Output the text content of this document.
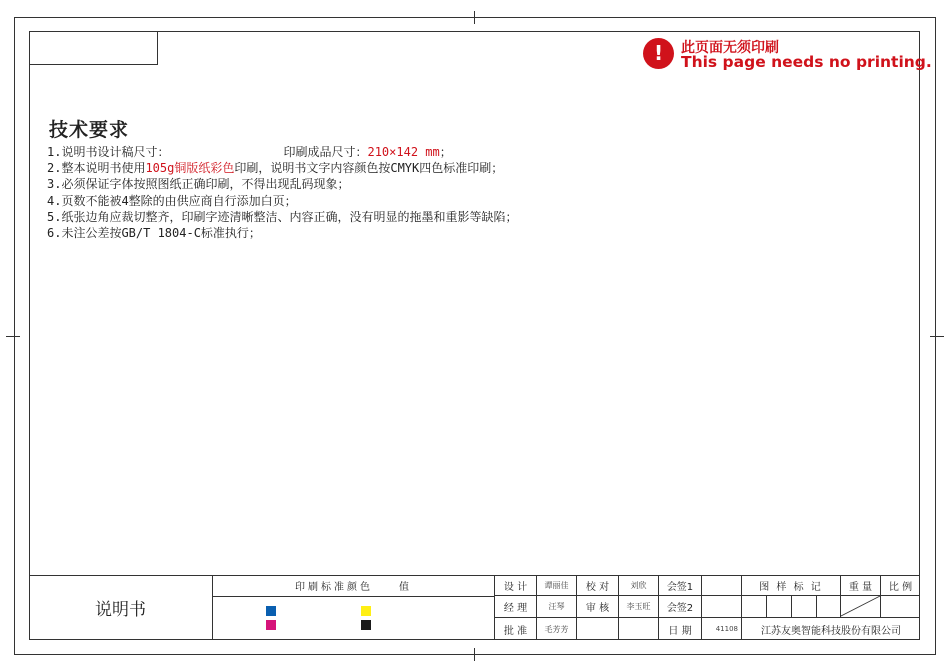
!	此页面无须印刷
This page needs no printing.
技术要求
1.说明书设计稿尺寸：	印刷成品尺寸：210×142 mm；
2.整本说明书使用105g铜版纸彩色印刷，说明书文字内容颜色按CMYK四色标准印刷；
3.必须保证字体按照图纸正确印刷，不得出现乱码现象；
4.页数不能被4整除的由供应商自行添加白页；
5.纸张边角应裁切整齐，印刷字迹清晰整洁、内容正确，没有明显的拖墨和重影等缺陷；
6.未注公差按GB/T 1804-C标准执行；
说明书
印刷标准颜色	值	设 计	谭丽佳	校 对	刘欣	会签1
经 理	汪琴	审 核	李玉旺	会签2
批 准	毛芳芳	日 期	41108
图 样 标 记	重 量	比 例
江苏友奥智能科技股份有限公司
